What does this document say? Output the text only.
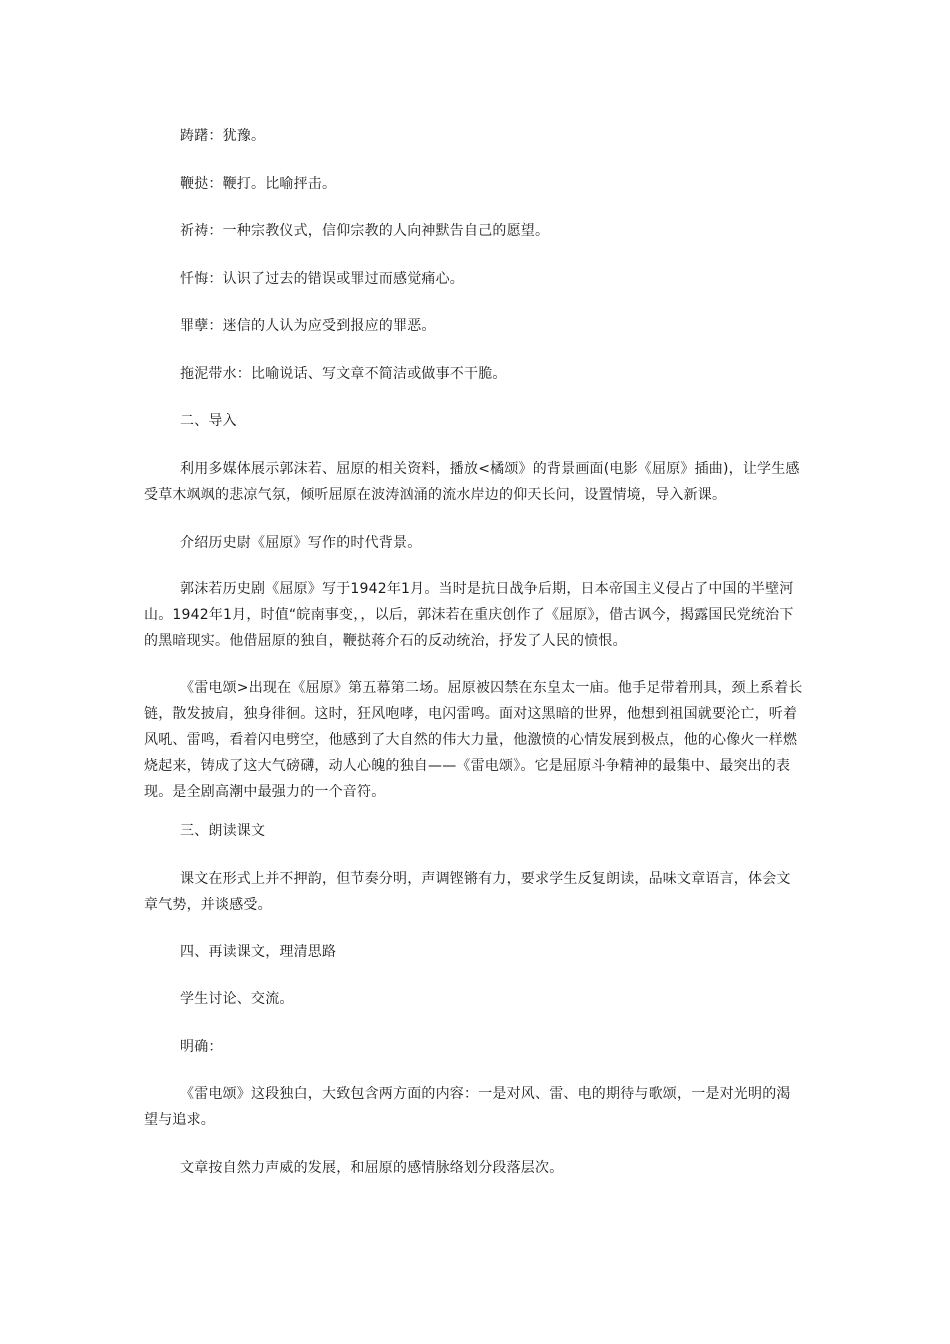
踌躇：犹豫。

鞭挞：鞭打。比喻抨击。

祈祷：一种宗教仪式，信仰宗教的人向神默告自己的愿望。

忏悔：认识了过去的错误或罪过而感觉痛心。

罪孽：迷信的人认为应受到报应的罪恶。

拖泥带水：比喻说话、写文章不简洁或做事不干脆。

二、导入

利用多媒体展示郭沫若、屈原的相关资料，播放<橘颂》的背景画面(电影《屈原》插曲)，让学生感受草木飒飒的悲凉气氛，倾听屈原在波涛汹涌的流水岸边的仰天长问，设置情境，导入新课。

介绍历史尉《屈原》写作的时代背景。

郭沫若历史剧《屈原》写于1942年1月。当时是抗日战争后期，日本帝国主义侵占了中国的半壁河山。1942年1月，时值“皖南事变，，以后，郭沫若在重庆创作了《屈原》，借古讽今，揭露国民党统治下的黑暗现实。他借屈原的独自，鞭挞蒋介石的反动统治，抒发了人民的愤恨。

《雷电颂>出现在《屈原》第五幕第二场。屈原被囚禁在东皇太一庙。他手足带着刑具，颈上系着长链，散发披肩，独身徘徊。这时，狂风咆哮，电闪雷鸣。面对这黑暗的世界，他想到祖国就要沦亡，听着风吼、雷鸣，看着闪电劈空，他感到了大自然的伟大力量，他激愤的心情发展到极点，他的心像火一样燃烧起来，铸成了这大气磅礴，动人心魄的独自——《雷电颂》。它是屈原斗争精神的最集中、最突出的表现。是全剧高潮中最强力的一个音符。

三、朗读课文

课文在形式上并不押韵，但节奏分明，声调铿锵有力，要求学生反复朗读，品味文章语言，体会文章气势，并谈感受。

四、再读课文，理清思路

学生讨论、交流。

明确：

《雷电颂》这段独白，大致包含两方面的内容：一是对风、雷、电的期待与歌颂，一是对光明的渴望与追求。

文章按自然力声威的发展，和屈原的感情脉络划分段落层次。
